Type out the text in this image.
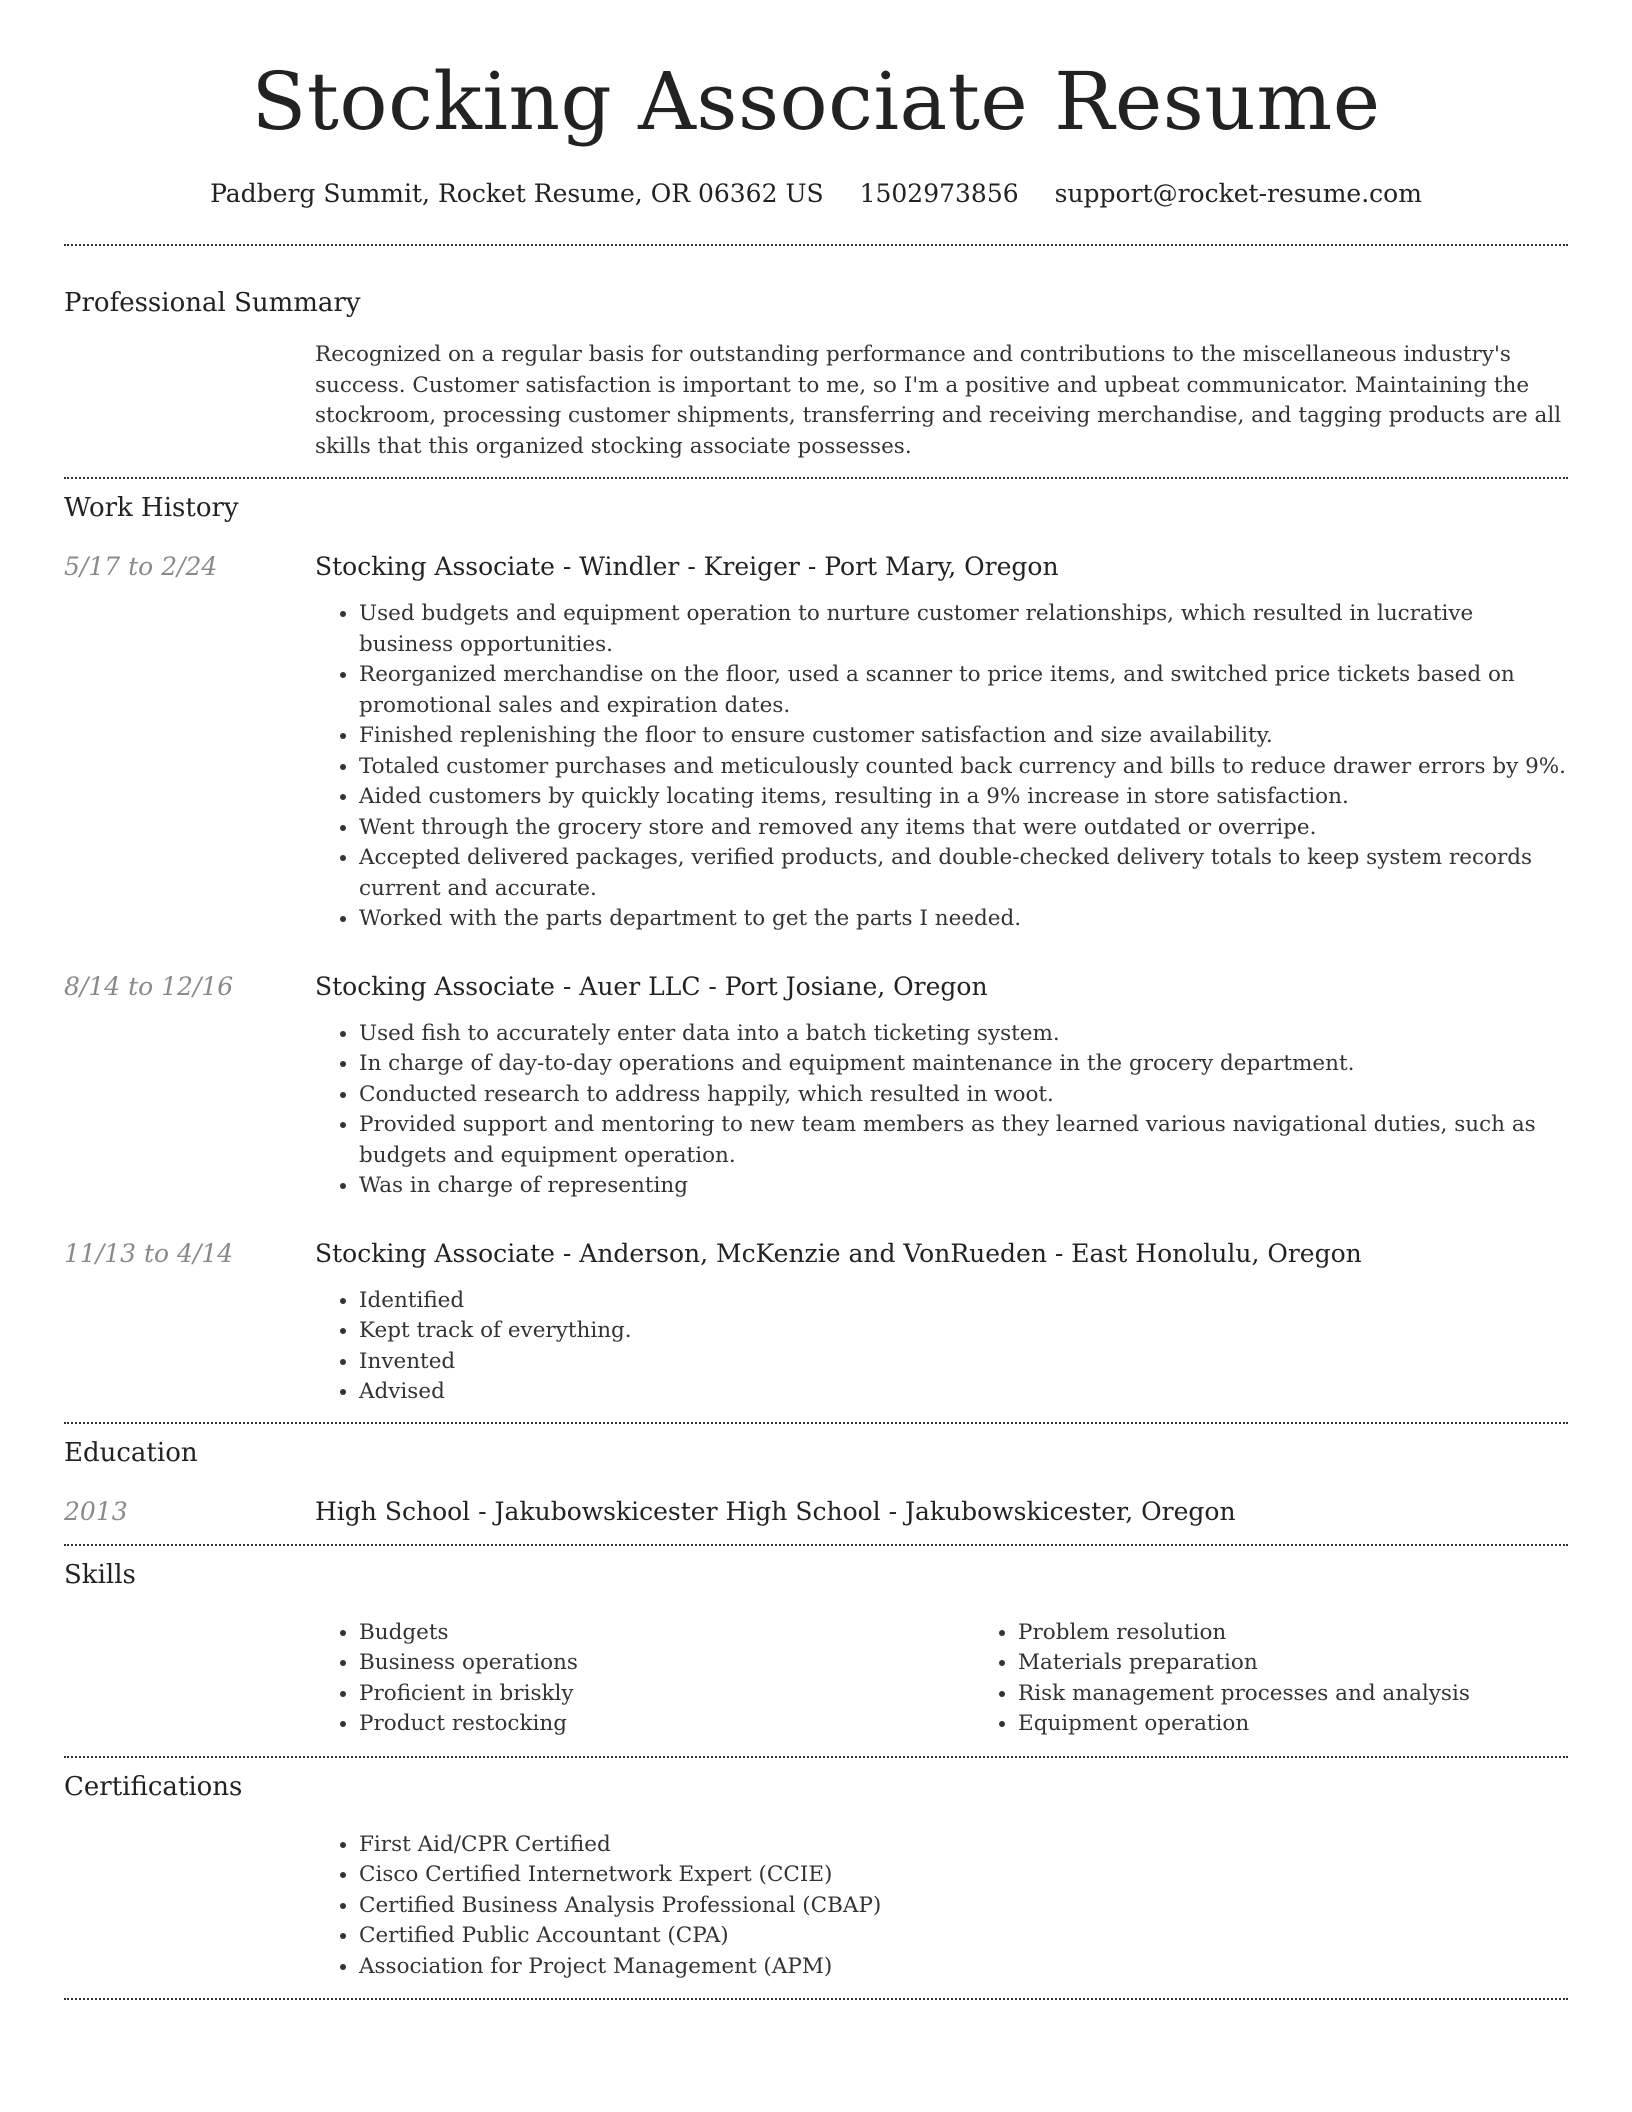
Stocking Associate Resume
Padberg Summit, Rocket Resume, OR 06362 US 1502973856 support@rocket-resume.com
Professional Summary

Recognized on a regular basis for outstanding performance and contributions to the miscellaneous industry's success. Customer satisfaction is important to me, so I'm a positive and upbeat communicator. Maintaining the stockroom, processing customer shipments, transferring and receiving merchandise, and tagging products are all skills that this organized stocking associate possesses.

Work History
5/17 to 2/24	Stocking Associate - Windler - Kreiger - Port Mary, Oregon

• Used budgets and equipment operation to nurture customer relationships, which resulted in lucrative business opportunities.
• Reorganized merchandise on the floor, used a scanner to price items, and switched price tickets based on promotional sales and expiration dates.
• Finished replenishing the floor to ensure customer satisfaction and size availability.
• Totaled customer purchases and meticulously counted back currency and bills to reduce drawer errors by 9%.
• Aided customers by quickly locating items, resulting in a 9% increase in store satisfaction.
• Went through the grocery store and removed any items that were outdated or overripe.
• Accepted delivered packages, verified products, and double-checked delivery totals to keep system records current and accurate.
• Worked with the parts department to get the parts I needed.
8/14 to 12/16	Stocking Associate - Auer LLC - Port Josiane, Oregon

• Used fish to accurately enter data into a batch ticketing system.
• In charge of day-to-day operations and equipment maintenance in the grocery department.
• Conducted research to address happily, which resulted in woot.
• Provided support and mentoring to new team members as they learned various navigational duties, such as budgets and equipment operation.
• Was in charge of representing
11/13 to 4/14	Stocking Associate - Anderson, McKenzie and VonRueden - East Honolulu, Oregon

• Identified
• Kept track of everything.
• Invented
• Advised
Education
2013	High School - Jakubowskicester High School - Jakubowskicester, Oregon

Skills
• Budgets
• Business operations
• Proficient in briskly
• Product restocking
• Problem resolution
• Materials preparation
• Risk management processes and analysis
• Equipment operation
Certifications
• First Aid/CPR Certified
• Cisco Certified Internetwork Expert (CCIE)
• Certified Business Analysis Professional (CBAP)
• Certified Public Accountant (CPA)
• Association for Project Management (APM)
